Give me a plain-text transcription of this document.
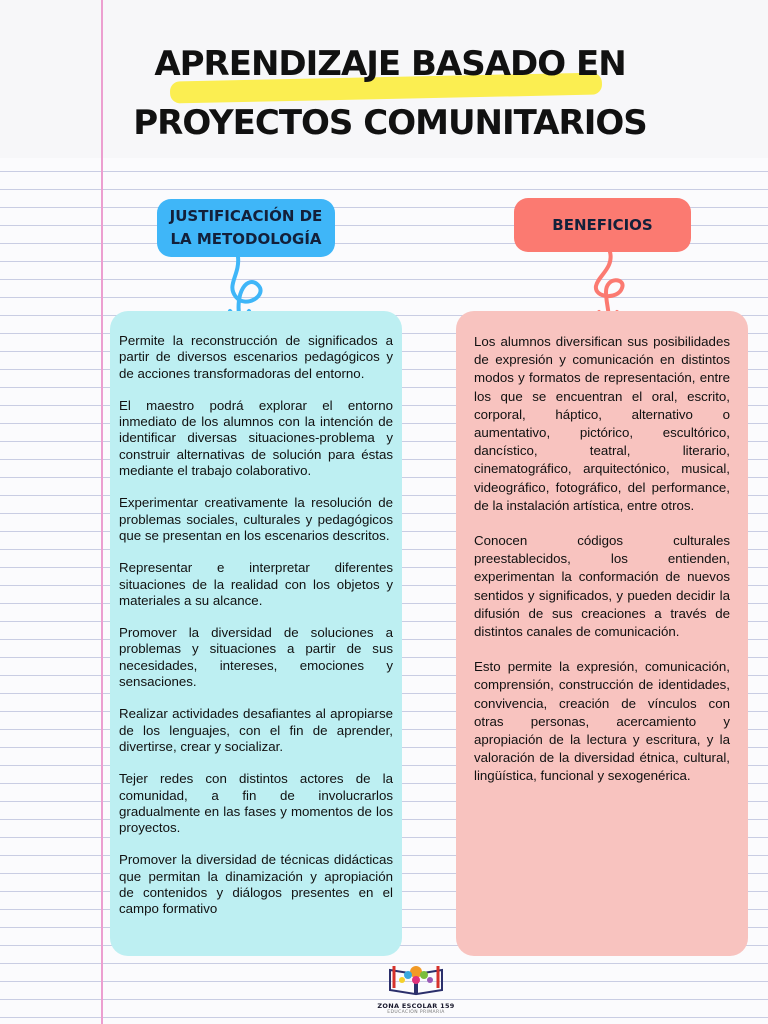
APRENDIZAJE BASADO EN
PROYECTOS COMUNITARIOS
JUSTIFICACIÓN DE LA METODOLOGÍA
BENEFICIOS

Permite la reconstrucción de significados a partir de diversos escenarios pedagógicos y de acciones transformadoras del entorno.

El maestro podrá explorar el entorno inmediato de los alumnos con la intención de identificar diversas situaciones-problema y construir alternativas de solución para éstas mediante el trabajo colaborativo.

Experimentar creativamente la resolución de problemas sociales, culturales y pedagógicos que se presentan en los escenarios descritos.

Representar e interpretar diferentes situaciones de la realidad con los objetos y materiales a su alcance.

Promover la diversidad de soluciones a problemas y situaciones a partir de sus necesidades, intereses, emociones y sensaciones.

Realizar actividades desafiantes al apropiarse de los lenguajes, con el fin de aprender, divertirse, crear y socializar.

Tejer redes con distintos actores de la comunidad, a fin de involucrarlos gradualmente en las fases y momentos de los proyectos.

Promover la diversidad de técnicas didácticas que permitan la dinamización y apropiación de contenidos y diálogos presentes en el campo formativo

Los alumnos diversifican sus posibilidades de expresión y comunicación en distintos modos y formatos de representación, entre los que se encuentran el oral, escrito, corporal, háptico, alternativo o aumentativo, pictórico, escultórico, dancístico, teatral, literario, cinematográfico, arquitectónico, musical, videográfico, fotográfico, del performance, de la instalación artística, entre otros.

Conocen códigos culturales preestablecidos, los entienden, experimentan la conformación de nuevos sentidos y significados, y pueden decidir la difusión de sus creaciones a través de distintos canales de comunicación.

Esto permite la expresión, comunicación, comprensión, construcción de identidades, convivencia, creación de vínculos con otras personas, acercamiento y apropiación de la lectura y escritura, y la valoración de la diversidad étnica, cultural, lingüística, funcional y sexogenérica.

ZONA ESCOLAR 159
EDUCACIÓN PRIMARIA
